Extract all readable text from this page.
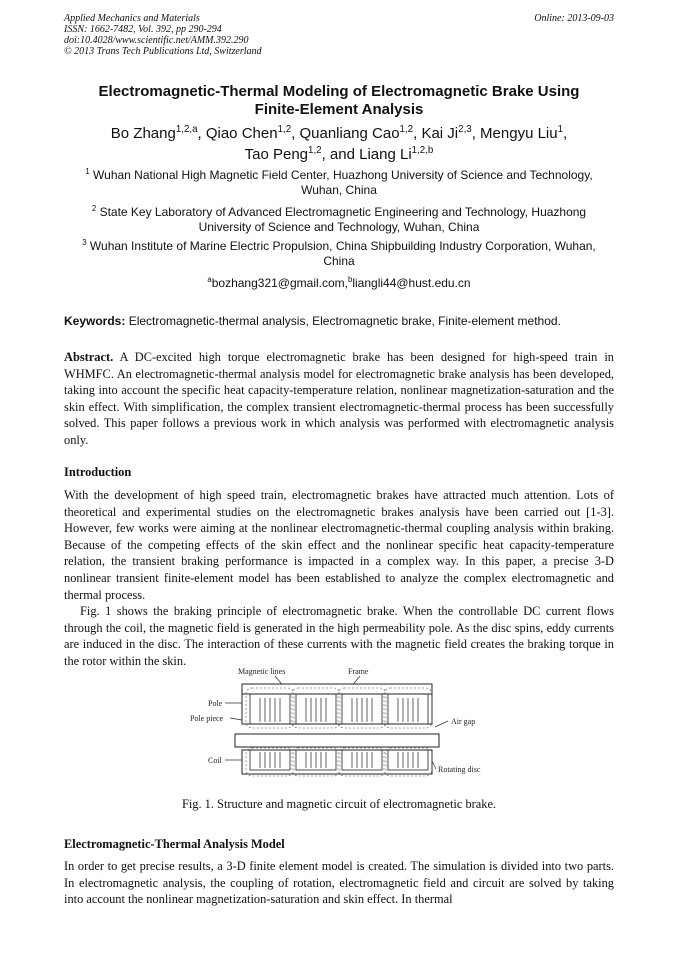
Applied Mechanics and Materials
ISSN: 1662-7482, Vol. 392, pp 290-294
doi:10.4028/www.scientific.net/AMM.392.290
© 2013 Trans Tech Publications Ltd, Switzerland
Online: 2013-09-03
Electromagnetic-Thermal Modeling of Electromagnetic Brake Using
Finite-Element Analysis
Bo Zhang$^{1,2,a}$, Qiao Chen$^{1,2}$, Quanliang Cao$^{1,2}$, Kai Ji$^{2,3}$, Mengyu Liu$^1$,
Tao Peng$^{1,2}$, and Liang Li$^{1,2,b}$
$^1$ Wuhan National High Magnetic Field Center, Huazhong University of Science and Technology,
Wuhan, China
$^2$ State Key Laboratory of Advanced Electromagnetic Engineering and Technology, Huazhong
University of Science and Technology, Wuhan, China
$^3$ Wuhan Institute of Marine Electric Propulsion, China Shipbuilding Industry Corporation, Wuhan,
China
$^a$bozhang321@gmail.com,$^b$liangli44@hust.edu.cn
Keywords: Electromagnetic-thermal analysis, Electromagnetic brake, Finite-element method.
Abstract. A DC-excited high torque electromagnetic brake has been designed for high-speed train in WHMFC. An electromagnetic-thermal analysis model for electromagnetic brake analysis has been developed, taking into account the specific heat capacity-temperature relation, nonlinear magnetization-saturation and the skin effect. With simplification, the complex transient electromagnetic-thermal process has been successfully solved. This paper follows a previous work in which analysis was performed with electromagnetic analysis only.
Introduction
With the development of high speed train, electromagnetic brakes have attracted much attention. Lots of theoretical and experimental studies on the electromagnetic brakes analysis have been carried out [1-3]. However, few works were aiming at the nonlinear electromagnetic-thermal coupling analysis within braking. Because of the competing effects of the skin effect and the nonlinear specific heat capacity-temperature relation, the transient braking performance is impacted in a complex way. In this paper, a precise 3-D nonlinear transient finite-element model has been established to analyze the complex electromagnetic and thermal process.
Fig. 1 shows the braking principle of electromagnetic brake. When the controllable DC current flows through the coil, the magnetic field is generated in the high permeability pole. As the disc spins, eddy currents are induced in the disc. The interaction of these currents with the magnetic field creates the braking torque in the rotor within the skin.
Magnetic lines	Frame
Pole
Pole piece	Air gap
Coil
Rotating disc
Fig. 1. Structure and magnetic circuit of electromagnetic brake.
Electromagnetic-Thermal Analysis Model
In order to get precise results, a 3-D finite element model is created. The simulation is divided into two parts. In electromagnetic analysis, the coupling of rotation, electromagnetic field and circuit are solved by taking into account the nonlinear magnetization-saturation and skin effect. In thermal
